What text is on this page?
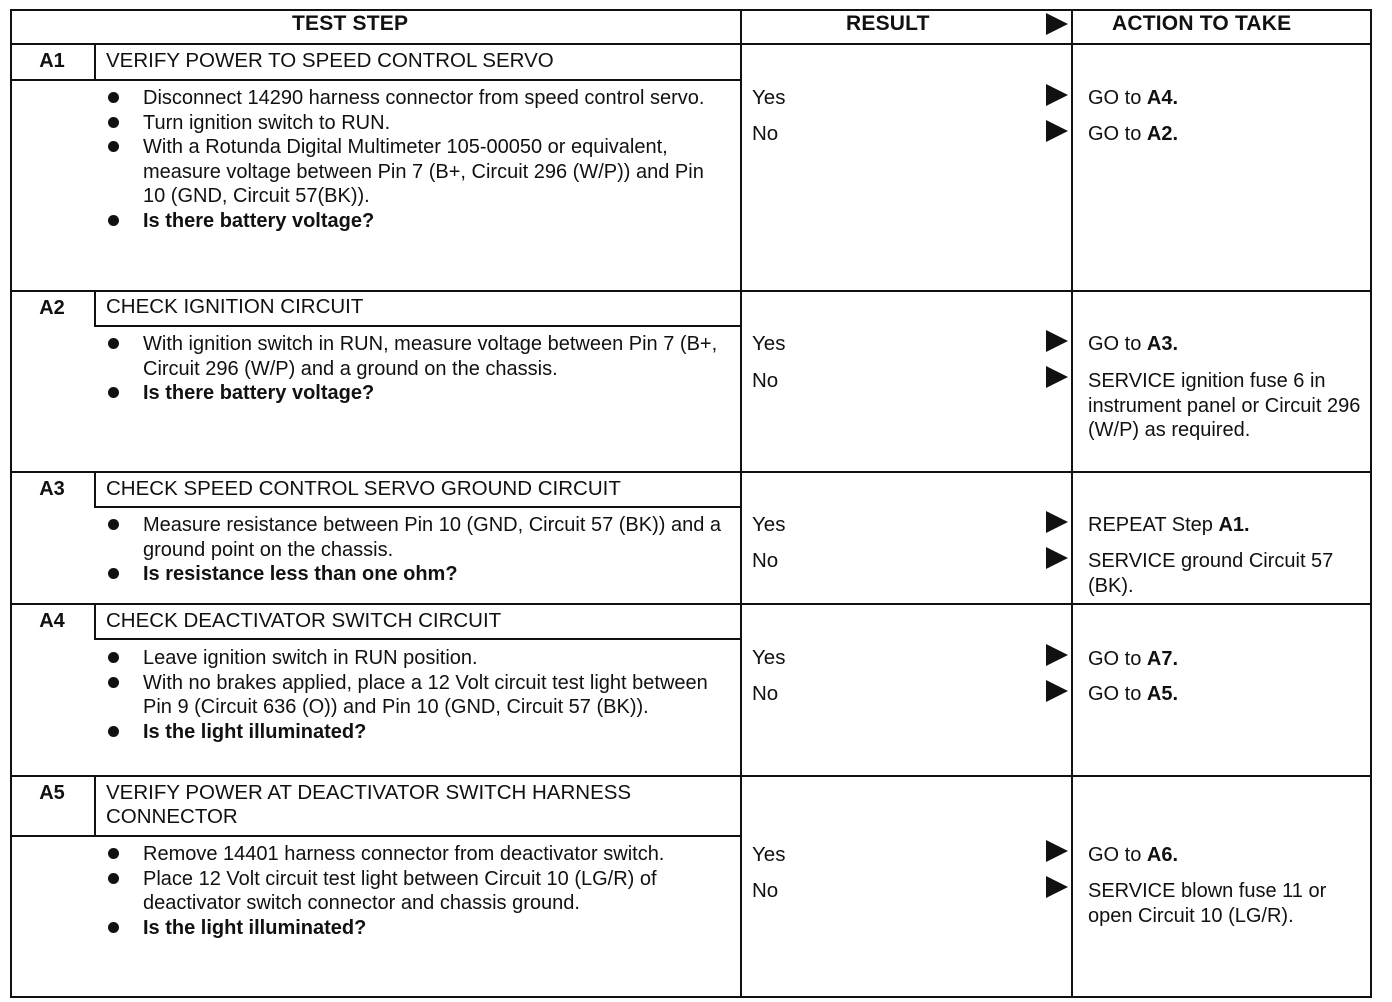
TEST STEP	RESULT	ACTION TO TAKE
A1	VERIFY POWER TO SPEED CONTROL SERVO
Disconnect 14290 harness connector from speed control servo.
Turn ignition switch to RUN.
With a Rotunda Digital Multimeter 105-00050 or equivalent, measure voltage between Pin 7 (B+, Circuit 296 (W/P)) and Pin 10 (GND, Circuit 57(BK)).
Is there battery voltage?
Yes	GO to A4.
No	GO to A2.
A2	CHECK IGNITION CIRCUIT
With ignition switch in RUN, measure voltage between Pin 7 (B+, Circuit 296 (W/P) and a ground on the chassis.
Is there battery voltage?
Yes	GO to A3.
No	SERVICE ignition fuse 6 in instrument panel or Circuit 296 (W/P) as required.
A3	CHECK SPEED CONTROL SERVO GROUND CIRCUIT
Measure resistance between Pin 10 (GND, Circuit 57 (BK)) and a ground point on the chassis.
Is resistance less than one ohm?
Yes	REPEAT Step A1.
No	SERVICE ground Circuit 57 (BK).
A4	CHECK DEACTIVATOR SWITCH CIRCUIT
Leave ignition switch in RUN position.
With no brakes applied, place a 12 Volt circuit test light between Pin 9 (Circuit 636 (O)) and Pin 10 (GND, Circuit 57 (BK)).
Is the light illuminated?
Yes	GO to A7.
No	GO to A5.
A5	VERIFY POWER AT DEACTIVATOR SWITCH HARNESS CONNECTOR
Remove 14401 harness connector from deactivator switch.
Place 12 Volt circuit test light between Circuit 10 (LG/R) of deactivator switch connector and chassis ground.
Is the light illuminated?
Yes	GO to A6.
No	SERVICE blown fuse 11 or open Circuit 10 (LG/R).
